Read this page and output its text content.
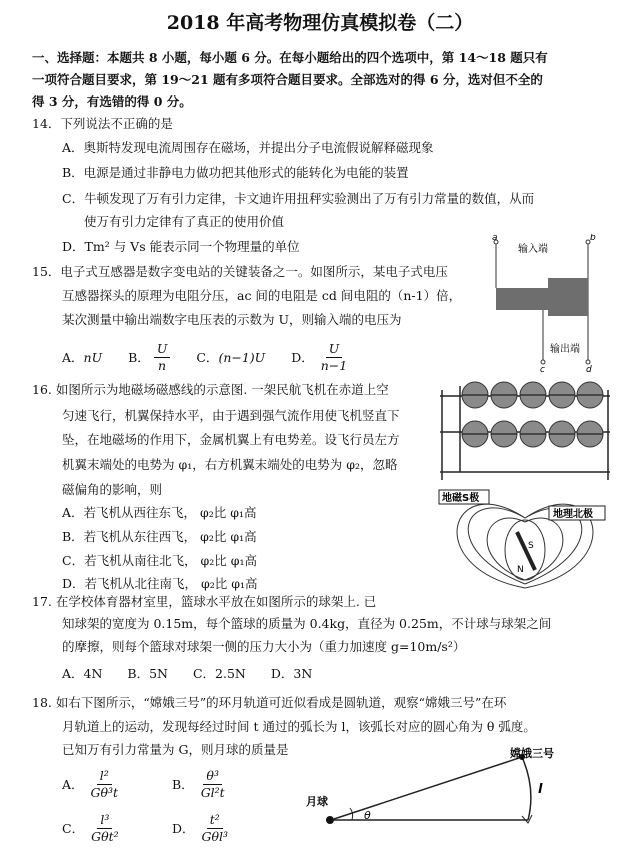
2018 年高考物理仿真模拟卷（二）
一、选择题：本题共 8 小题，每小题 6 分。在每小题给出的四个选项中，第 14～18 题只有
一项符合题目要求，第 19～21 题有多项符合题目要求。全部选对的得 6 分，选对但不全的
得 3 分，有选错的得 0 分。
14．下列说法不正确的是
A．奥斯特发现电流周围存在磁场，并提出分子电流假说解释磁现象
B．电源是通过非静电力做功把其他形式的能转化为电能的装置
C．牛顿发现了万有引力定律，卡文迪许用扭秤实验测出了万有引力常量的数值，从而
使万有引力定律有了真正的使用价值
D．Tm² 与 Vs 能表示同一个物理量的单位
15．电子式互感器是数字变电站的关键装备之一。如图所示，某电子式电压
互感器探头的原理为电阻分压，ac 间的电阻是 cd 间电阻的（n-1）倍，
某次测量中输出端数字电压表的示数为 U，则输入端的电压为
A． nU B． $\frac{U}{n}$ C． (n−1)U D． $\frac{U}{n-1}$
a	b
输入端
输出端
c	d
16. 如图所示为地磁场磁感线的示意图. 一架民航飞机在赤道上空
匀速飞行，机翼保持水平，由于遇到强气流作用使飞机竖直下
坠，在地磁场的作用下，金属机翼上有电势差。设飞行员左方
机翼末端处的电势为 φ₁，右方机翼末端处的电势为 φ₂，忽略
磁偏角的影响，则
A．若飞机从西往东飞， φ₂比 φ₁高
B．若飞机从东往西飞， φ₂比 φ₁高
C．若飞机从南往北飞， φ₂比 φ₁高
D．若飞机从北往南飞， φ₂比 φ₁高
地磁S极
地理北极
S
N
17. 在学校体育器材室里，篮球水平放在如图所示的球架上. 已
知球架的宽度为 0.15m，每个篮球的质量为 0.4kg，直径为 0.25m，不计球与球架之间
的摩擦，则每个篮球对球架一侧的压力大小为（重力加速度 g=10m/s²）
A．4N　　B．5N　　C．2.5N　　D．3N
18. 如右下图所示，“嫦娥三号”的环月轨道可近似看成是圆轨道，观察“嫦娥三号”在环
月轨道上的运动，发现每经过时间 t 通过的弧长为 l，该弧长对应的圆心角为 θ 弧度。
已知万有引力常量为 G，则月球的质量是
A． $\frac{\text{l²}}{\text{Gθ³t}}$	B． $\frac{\text{θ³}}{\text{Gl²t}}$
C． $\frac{\text{l³}}{\text{Gθt²}}$	D． $\frac{\text{t²}}{\text{Gθl³}}$
月球
嫦娥三号
l
θ
